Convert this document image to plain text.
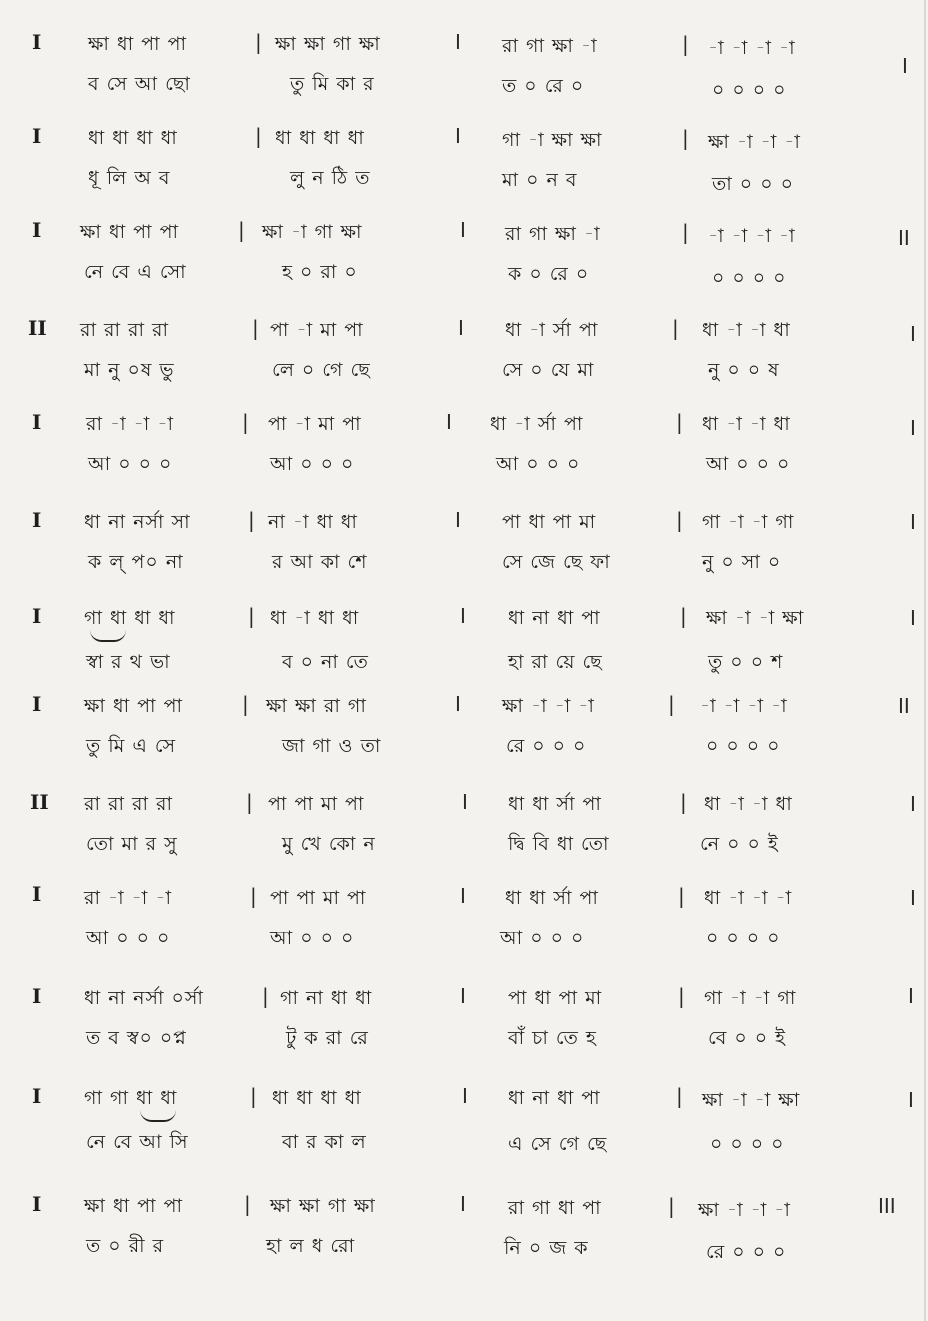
I ক্ষা ধা পা পা	| ক্ষা ক্ষা গা ক্ষা	I রা গা ক্ষা -া	| -া -া -া -া
I
ব সে আ ছো	তু মি কা র	ত ০ রে ০	০ ০ ০ ০
I ধা ধা ধা ধা	| ধা ধা ধা ধা	I গা -া ক্ষা ক্ষা	| ক্ষা -া -া -া
ধূ লি অ ব	লু ন ঠি ত	মা ০ ন ব	তা ০ ০ ০
I ক্ষা ধা পা পা	| ক্ষা -া গা ক্ষা	I রা গা ক্ষা -া	| -া -া -া -া	II
নে বে এ সো	হ ০ রা ০	ক ০ রে ০	০ ০ ০ ০
II রা রা রা রা	| পা -া মা পা	I ধা -া র্সা পা	| ধা -া -া ধা	I
মা নু ০ষ ভু	লে ০ গে ছে	সে ০ যে মা	নু ০ ০ ষ
I রা -া -া -া	| পা -া মা পা	I ধা -া র্সা পা	| ধা -া -া ধা	I
আ ০ ০ ০	আ ০ ০ ০	আ ০ ০ ০	আ ০ ০ ০
I ধা না নর্সা সা	| না -া ধা ধা	I পা ধা পা মা	| গা -া -া গা	I
ক ল্ প০ না	র আ কা শে	সে জে ছে ফা	নু ০ সা ০
I গা ধা ধা ধা	| ধা -া ধা ধা	I ধা না ধা পা	| ক্ষা -া -া ক্ষা	I
স্বা র থ ভা	ব ০ না তে	হা রা য়ে ছে	তু ০ ০ শ
I ক্ষা ধা পা পা	| ক্ষা ক্ষা রা গা	I ক্ষা -া -া -া	| -া -া -া -া	II
তু মি এ সে	জা গা ও তা	রে ০ ০ ০	০ ০ ০ ০
II রা রা রা রা	| পা পা মা পা	I ধা ধা র্সা পা	| ধা -া -া ধা	I
তো মা র সু	মু খে কো ন	দ্বি বি ধা তো	নে ০ ০ ই
I রা -া -া -া	| পা পা মা পা	I ধা ধা র্সা পা	| ধা -া -া -া	I
আ ০ ০ ০	আ ০ ০ ০	আ ০ ০ ০	০ ০ ০ ০
I ধা না নর্সা ০র্সা	| গা না ধা ধা	I পা ধা পা মা	| গা -া -া গা	I
ত ব স্ব০ ০প্ন	টু ক রা রে	বাঁ চা তে হ	বে ০ ০ ই
I গা গা ধা ধা	| ধা ধা ধা ধা	I ধা না ধা পা	| ক্ষা -া -া ক্ষা	I
নে বে আ সি	বা র কা ল	এ সে গে ছে	০ ০ ০ ০
I ক্ষা ধা পা পা	| ক্ষা ক্ষা গা ক্ষা	I রা গা ধা পা	| ক্ষা -া -া -া	III
ত ০ রী র	হা ল ধ রো	নি ০ জ ক	রে ০ ০ ০
